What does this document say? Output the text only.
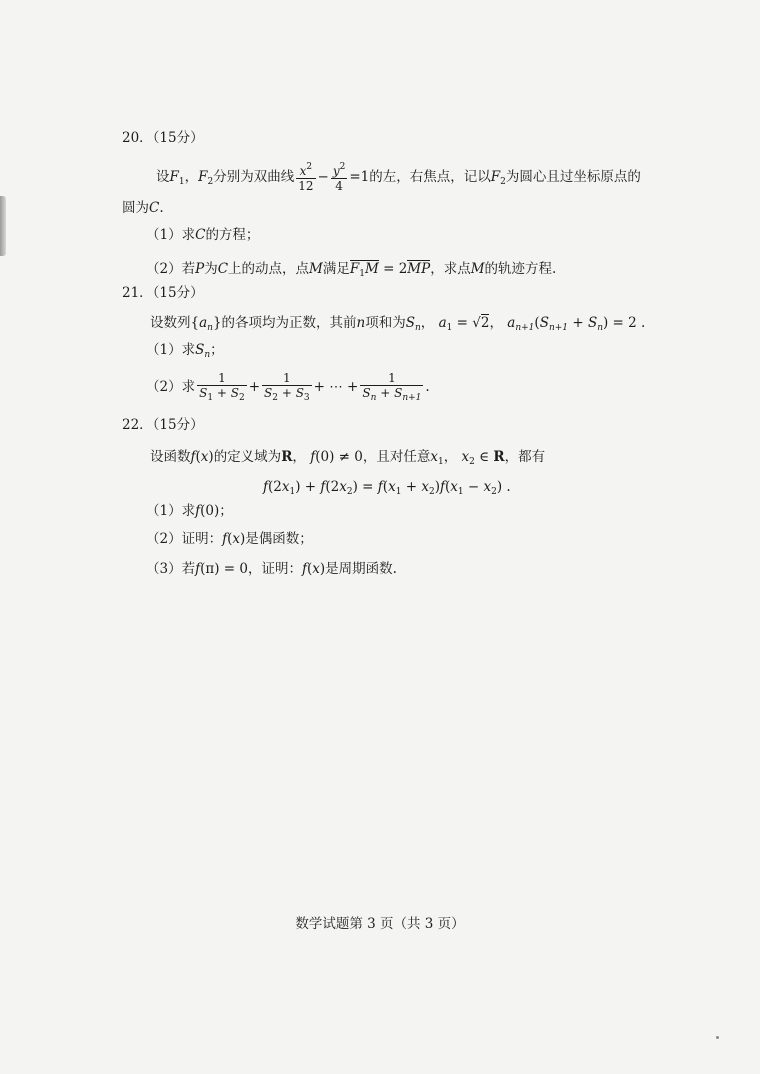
20．（15分）
设$F_1$，$F_2$分别为双曲线 $\frac{x^2}{12} - \frac{y^2}{4} =1$的左，右焦点，记以$F_2$为圆心且过坐标原点的
圆为C.
（1）求C的方程；
（2）若P为C上的动点，点M满足$F_1M = 2MP$，求点M的轨迹方程.
21．（15分）
设数列$\{a_n\}$的各项均为正数，其前n项和为$S_n$， $a_1 = √2$， $a_{n+1}(S_{n+1} + S_n) = 2$ .
（1）求$S_n$；
（2）求 $\frac{1}{S_1 + S_2} + \frac{1}{S_2 + S_3}$ + ⋯ + $\frac{1}{S_n + S_{n+1}}$ .
22．（15分）
设函数f(x)的定义域为R， f(0) ≠ 0，且对任意$x_1$， $x_2$ ∈ R，都有
$f(2x_1) + f(2x_2) = f(x_1 + x_2)f(x_1 - x_2)$ .
（1）求f(0)；
（2）证明：f(x)是偶函数；
（3）若f(π) = 0，证明：f(x)是周期函数.
数学试题第 3 页（共 3 页）
